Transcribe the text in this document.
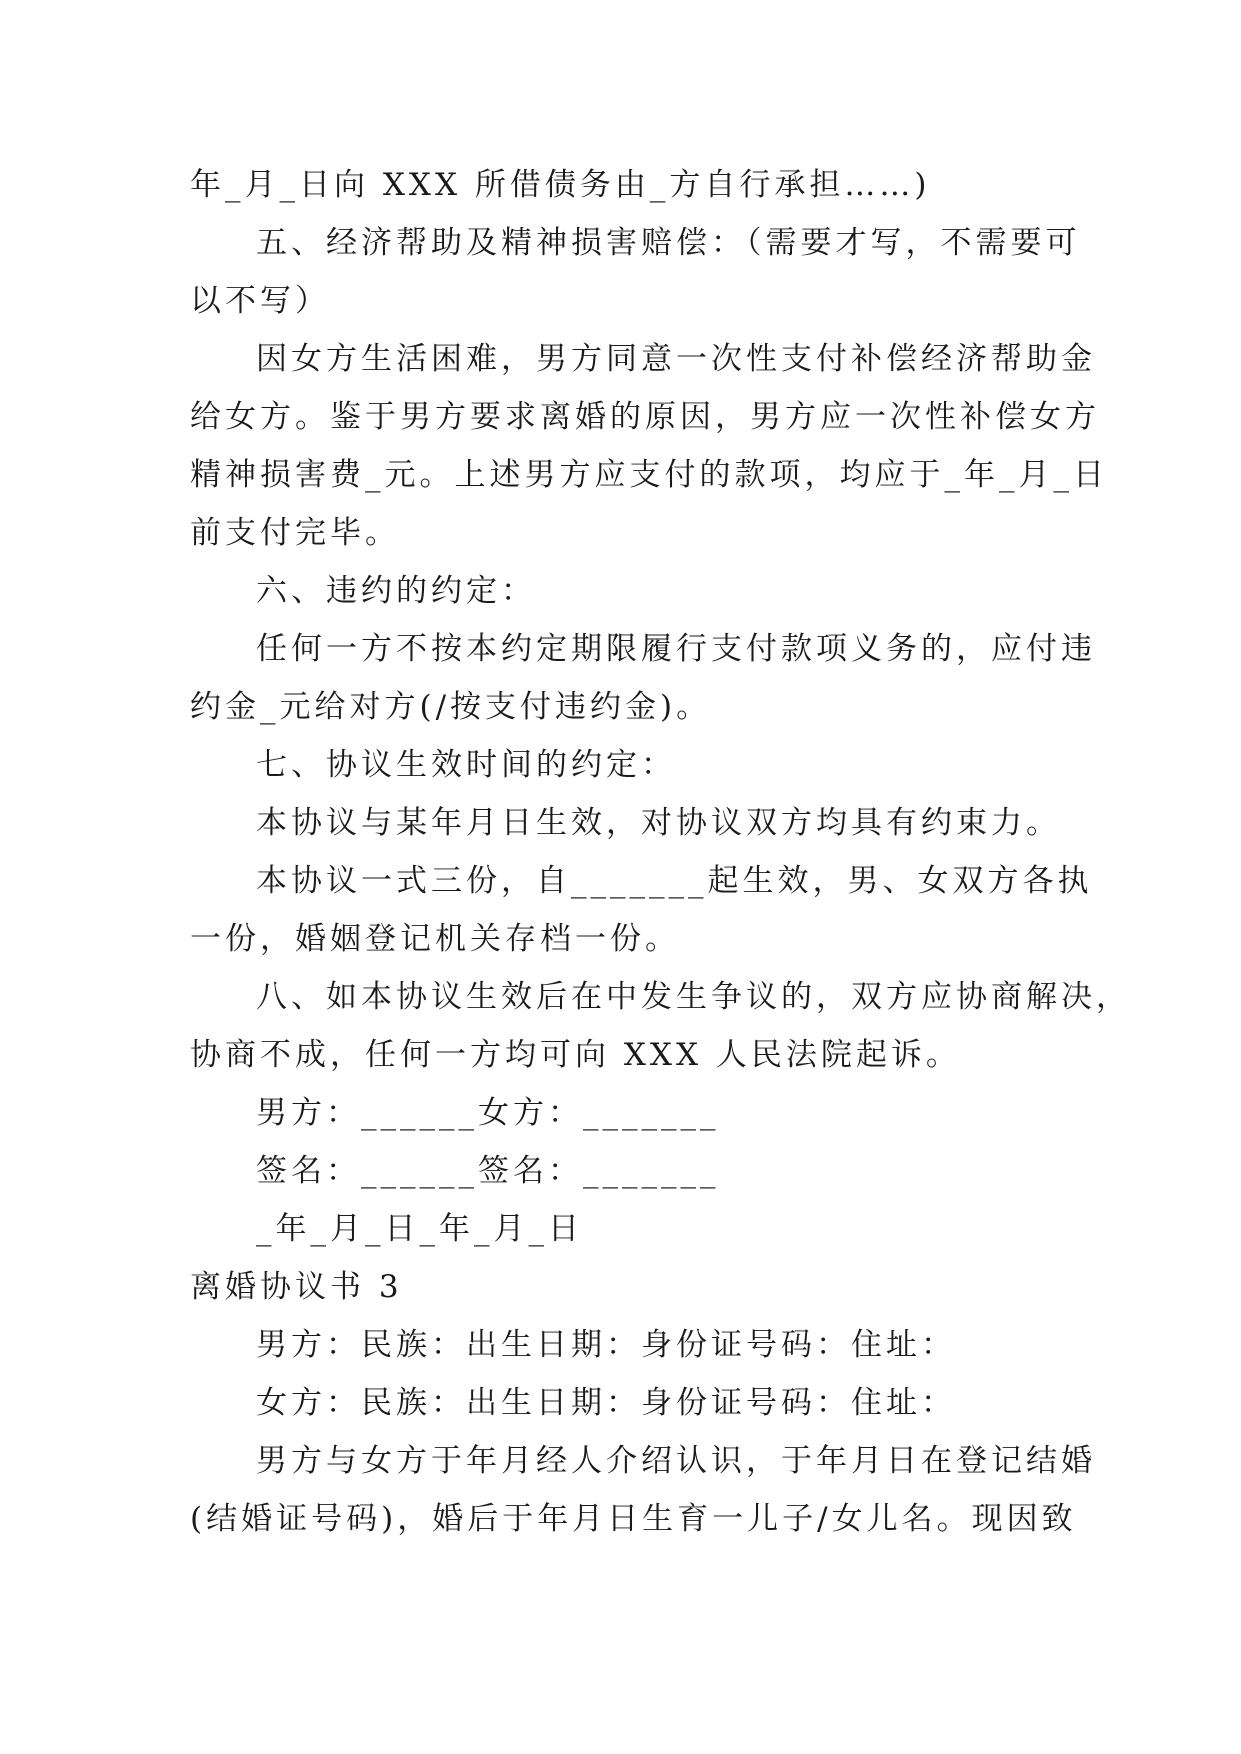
年_月_日向 XXX 所借债务由_方自行承担……)
五、经济帮助及精神损害赔偿：（需要才写，不需要可
以不写）
因女方生活困难，男方同意一次性支付补偿经济帮助金
给女方。鉴于男方要求离婚的原因，男方应一次性补偿女方
精神损害费_元。上述男方应支付的款项，均应于_年_月_日
前支付完毕。
六、违约的约定：
任何一方不按本约定期限履行支付款项义务的，应付违
约金_元给对方(/按支付违约金)。
七、协议生效时间的约定：
本协议与某年月日生效，对协议双方均具有约束力。
本协议一式三份，自_______起生效，男、女双方各执
一份，婚姻登记机关存档一份。
八、如本协议生效后在中发生争议的，双方应协商解决，
协商不成，任何一方均可向 XXX 人民法院起诉。
男方：______女方：_______
签名：______签名：_______
_年_月_日_年_月_日
离婚协议书 3
男方：民族：出生日期：身份证号码：住址：
女方：民族：出生日期：身份证号码：住址：
男方与女方于年月经人介绍认识，于年月日在登记结婚
(结婚证号码)，婚后于年月日生育一儿子/女儿名。现因致
